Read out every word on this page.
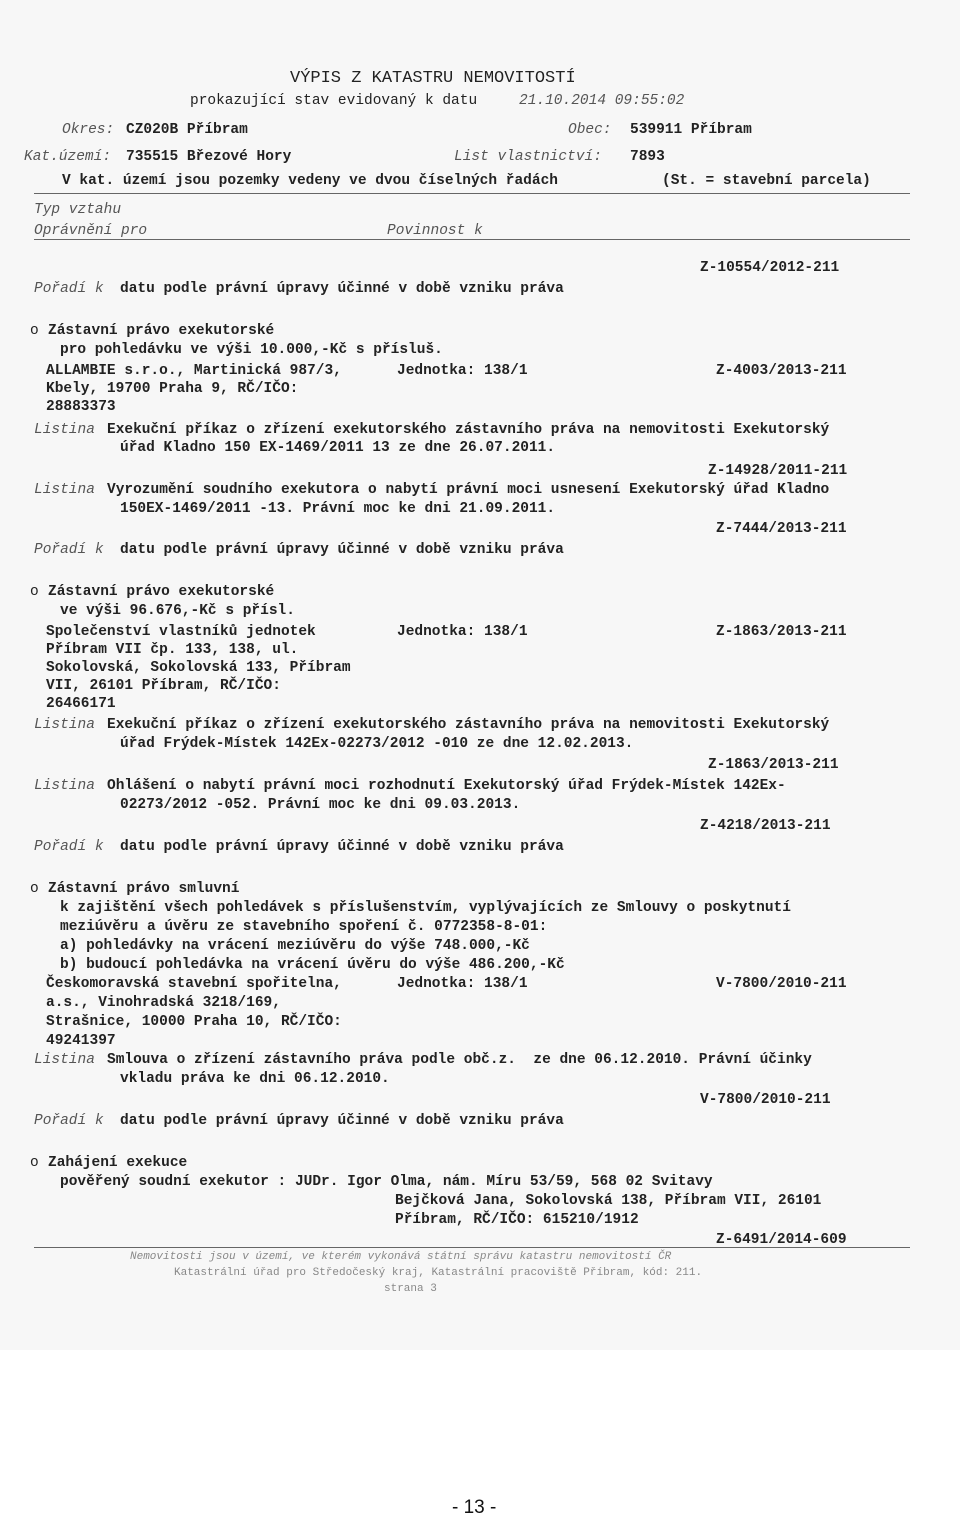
VÝPIS Z KATASTRU NEMOVITOSTÍ
prokazující stav evidovaný k datu	21.10.2014 09:55:02
Okres: CZ020B Příbram	Obec: 539911 Příbram
Kat.území: 735515 Březové Hory	List vlastnictví: 7893
V kat. území jsou pozemky vedeny ve dvou číselných řadách	(St. = stavební parcela)
Typ vztahu
Oprávnění pro	Povinnost k
Pořadí k datu podle právní úpravy účinné v době vzniku práva
Z-10554/2012-211
o Zástavní právo exekutorské
pro pohledávku ve výši 10.000,-Kč s přísluš.
ALLAMBIE s.r.o., Martinická 987/3,
Kbely, 19700 Praha 9, RČ/IČO:
28883373
Jednotka: 138/1	Z-4003/2013-211
Listina Exekuční příkaz o zřízení exekutorského zástavního práva na nemovitosti Exekutorský
úřad Kladno 150 EX-1469/2011 13 ze dne 26.07.2011.
Z-14928/2011-211
Listina Vyrozumění soudního exekutora o nabytí právní moci usnesení Exekutorský úřad Kladno
150EX-1469/2011 -13. Právní moc ke dni 21.09.2011.
Z-7444/2013-211
Pořadí k datu podle právní úpravy účinné v době vzniku práva
o Zástavní právo exekutorské
ve výši 96.676,-Kč s přísl.
Společenství vlastníků jednotek
Příbram VII čp. 133, 138, ul.
Sokolovská, Sokolovská 133, Příbram
VII, 26101 Příbram, RČ/IČO:
26466171
Jednotka: 138/1	Z-1863/2013-211
Listina Exekuční příkaz o zřízení exekutorského zástavního práva na nemovitosti Exekutorský
úřad Frýdek-Místek 142Ex-02273/2012 -010 ze dne 12.02.2013.
Z-1863/2013-211
Listina Ohlášení o nabytí právní moci rozhodnutí Exekutorský úřad Frýdek-Místek 142Ex-
02273/2012 -052. Právní moc ke dni 09.03.2013.
Z-4218/2013-211
Pořadí k datu podle právní úpravy účinné v době vzniku práva
o Zástavní právo smluvní
k zajištění všech pohledávek s příslušenstvím, vyplývajících ze Smlouvy o poskytnutí
meziúvěru a úvěru ze stavebního spoření č. 0772358-8-01:
a) pohledávky na vrácení meziúvěru do výše 748.000,-Kč
b) budoucí pohledávka na vrácení úvěru do výše 486.200,-Kč
Českomoravská stavební spořitelna,
a.s., Vinohradská 3218/169,
Strašnice, 10000 Praha 10, RČ/IČO:
49241397
Jednotka: 138/1	V-7800/2010-211
Listina Smlouva o zřízení zástavního práva podle obč.z.  ze dne 06.12.2010. Právní účinky
vkladu práva ke dni 06.12.2010.
V-7800/2010-211
Pořadí k datu podle právní úpravy účinné v době vzniku práva
o Zahájení exekuce
pověřený soudní exekutor : JUDr. Igor Olma, nám. Míru 53/59, 568 02 Svitavy
Bejčková Jana, Sokolovská 138, Příbram VII, 26101
Příbram, RČ/IČO: 615210/1912
Z-6491/2014-609
Nemovitosti jsou v území, ve kterém vykonává státní správu katastru nemovitostí ČR
Katastrální úřad pro Středočeský kraj, Katastrální pracoviště Příbram, kód: 211.
strana 3
- 13 -
